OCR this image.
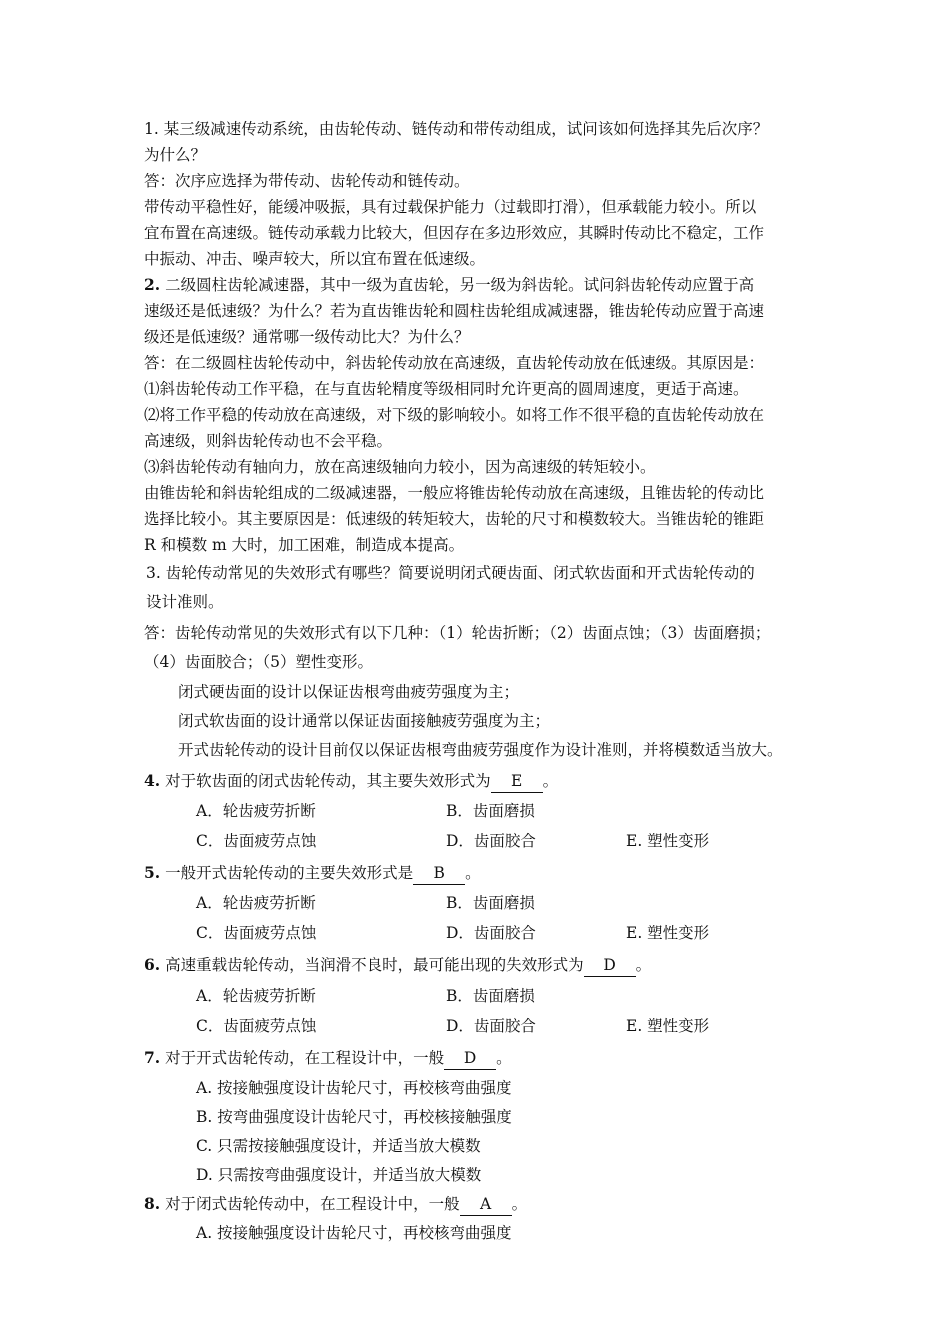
1. 某三级减速传动系统，由齿轮传动、链传动和带传动组成，试问该如何选择其先后次序？
为什么？
答：次序应选择为带传动、齿轮传动和链传动。
带传动平稳性好，能缓冲吸振，具有过载保护能力（过载即打滑），但承载能力较小。所以
宜布置在高速级。链传动承载力比较大，但因存在多边形效应，其瞬时传动比不稳定，工作
中振动、冲击、噪声较大，所以宜布置在低速级。
2. 二级圆柱齿轮减速器，其中一级为直齿轮，另一级为斜齿轮。试问斜齿轮传动应置于高
速级还是低速级？为什么？若为直齿锥齿轮和圆柱齿轮组成减速器，锥齿轮传动应置于高速
级还是低速级？通常哪一级传动比大？为什么？
答：在二级圆柱齿轮传动中，斜齿轮传动放在高速级，直齿轮传动放在低速级。其原因是：
⑴斜齿轮传动工作平稳，在与直齿轮精度等级相同时允许更高的圆周速度，更适于高速。
⑵将工作平稳的传动放在高速级，对下级的影响较小。如将工作不很平稳的直齿轮传动放在
高速级，则斜齿轮传动也不会平稳。
⑶斜齿轮传动有轴向力，放在高速级轴向力较小，因为高速级的转矩较小。
由锥齿轮和斜齿轮组成的二级减速器，一般应将锥齿轮传动放在高速级，且锥齿轮的传动比
选择比较小。其主要原因是：低速级的转矩较大，齿轮的尺寸和模数较大。当锥齿轮的锥距
R 和模数 m 大时，加工困难，制造成本提高。
3. 齿轮传动常见的失效形式有哪些？简要说明闭式硬齿面、闭式软齿面和开式齿轮传动的
设计准则。
答：齿轮传动常见的失效形式有以下几种：（1）轮齿折断；（2）齿面点蚀；（3）齿面磨损；
（4）齿面胶合；（5）塑性变形。
闭式硬齿面的设计以保证齿根弯曲疲劳强度为主；
闭式软齿面的设计通常以保证齿面接触疲劳强度为主；
开式齿轮传动的设计目前仅以保证齿根弯曲疲劳强度作为设计准则，并将模数适当放大。
4. 对于软齿面的闭式齿轮传动，其主要失效形式为 E 。
A．轮齿疲劳折断	B．齿面磨损
C．齿面疲劳点蚀	D．齿面胶合	E. 塑性变形
5. 一般开式齿轮传动的主要失效形式是 B 。
A．轮齿疲劳折断	B．齿面磨损
C．齿面疲劳点蚀	D．齿面胶合	E. 塑性变形
6. 高速重载齿轮传动，当润滑不良时，最可能出现的失效形式为 D 。
A．轮齿疲劳折断	B．齿面磨损
C．齿面疲劳点蚀	D．齿面胶合	E. 塑性变形
7. 对于开式齿轮传动，在工程设计中，一般 D 。
A. 按接触强度设计齿轮尺寸，再校核弯曲强度
B. 按弯曲强度设计齿轮尺寸，再校核接触强度
C. 只需按接触强度设计，并适当放大模数
D. 只需按弯曲强度设计，并适当放大模数
8. 对于闭式齿轮传动中，在工程设计中，一般 A 。
A. 按接触强度设计齿轮尺寸，再校核弯曲强度
